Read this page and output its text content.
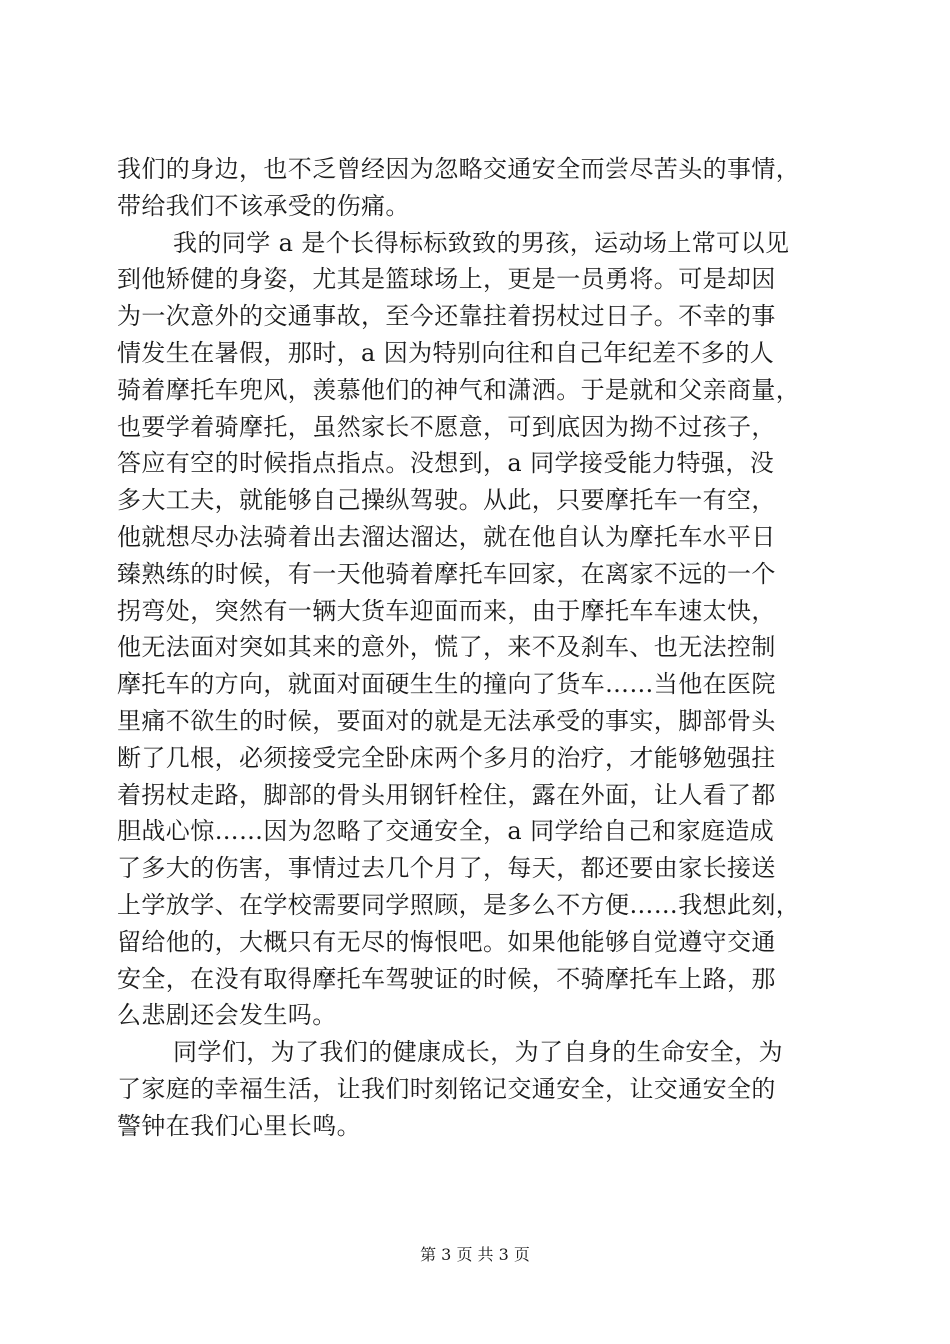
我们的身边，也不乏曾经因为忽略交通安全而尝尽苦头的事情，
带给我们不该承受的伤痛。
我的同学 a 是个长得标标致致的男孩，运动场上常可以见
到他矫健的身姿，尤其是篮球场上，更是一员勇将。可是却因
为一次意外的交通事故，至今还靠拄着拐杖过日子。不幸的事
情发生在暑假，那时，a 因为特别向往和自己年纪差不多的人
骑着摩托车兜风，羡慕他们的神气和潇洒。于是就和父亲商量，
也要学着骑摩托，虽然家长不愿意，可到底因为拗不过孩子，
答应有空的时候指点指点。没想到，a 同学接受能力特强，没
多大工夫，就能够自己操纵驾驶。从此，只要摩托车一有空，
他就想尽办法骑着出去溜达溜达，就在他自认为摩托车水平日
臻熟练的时候，有一天他骑着摩托车回家，在离家不远的一个
拐弯处，突然有一辆大货车迎面而来，由于摩托车车速太快，
他无法面对突如其来的意外，慌了，来不及刹车、也无法控制
摩托车的方向，就面对面硬生生的撞向了货车……当他在医院
里痛不欲生的时候，要面对的就是无法承受的事实，脚部骨头
断了几根，必须接受完全卧床两个多月的治疗，才能够勉强拄
着拐杖走路，脚部的骨头用钢钎栓住，露在外面，让人看了都
胆战心惊……因为忽略了交通安全，a 同学给自己和家庭造成
了多大的伤害，事情过去几个月了，每天，都还要由家长接送
上学放学、在学校需要同学照顾，是多么不方便……我想此刻，
留给他的，大概只有无尽的悔恨吧。如果他能够自觉遵守交通
安全，在没有取得摩托车驾驶证的时候，不骑摩托车上路，那
么悲剧还会发生吗。
同学们，为了我们的健康成长，为了自身的生命安全，为
了家庭的幸福生活，让我们时刻铭记交通安全，让交通安全的
警钟在我们心里长鸣。
第 3 页 共 3 页
